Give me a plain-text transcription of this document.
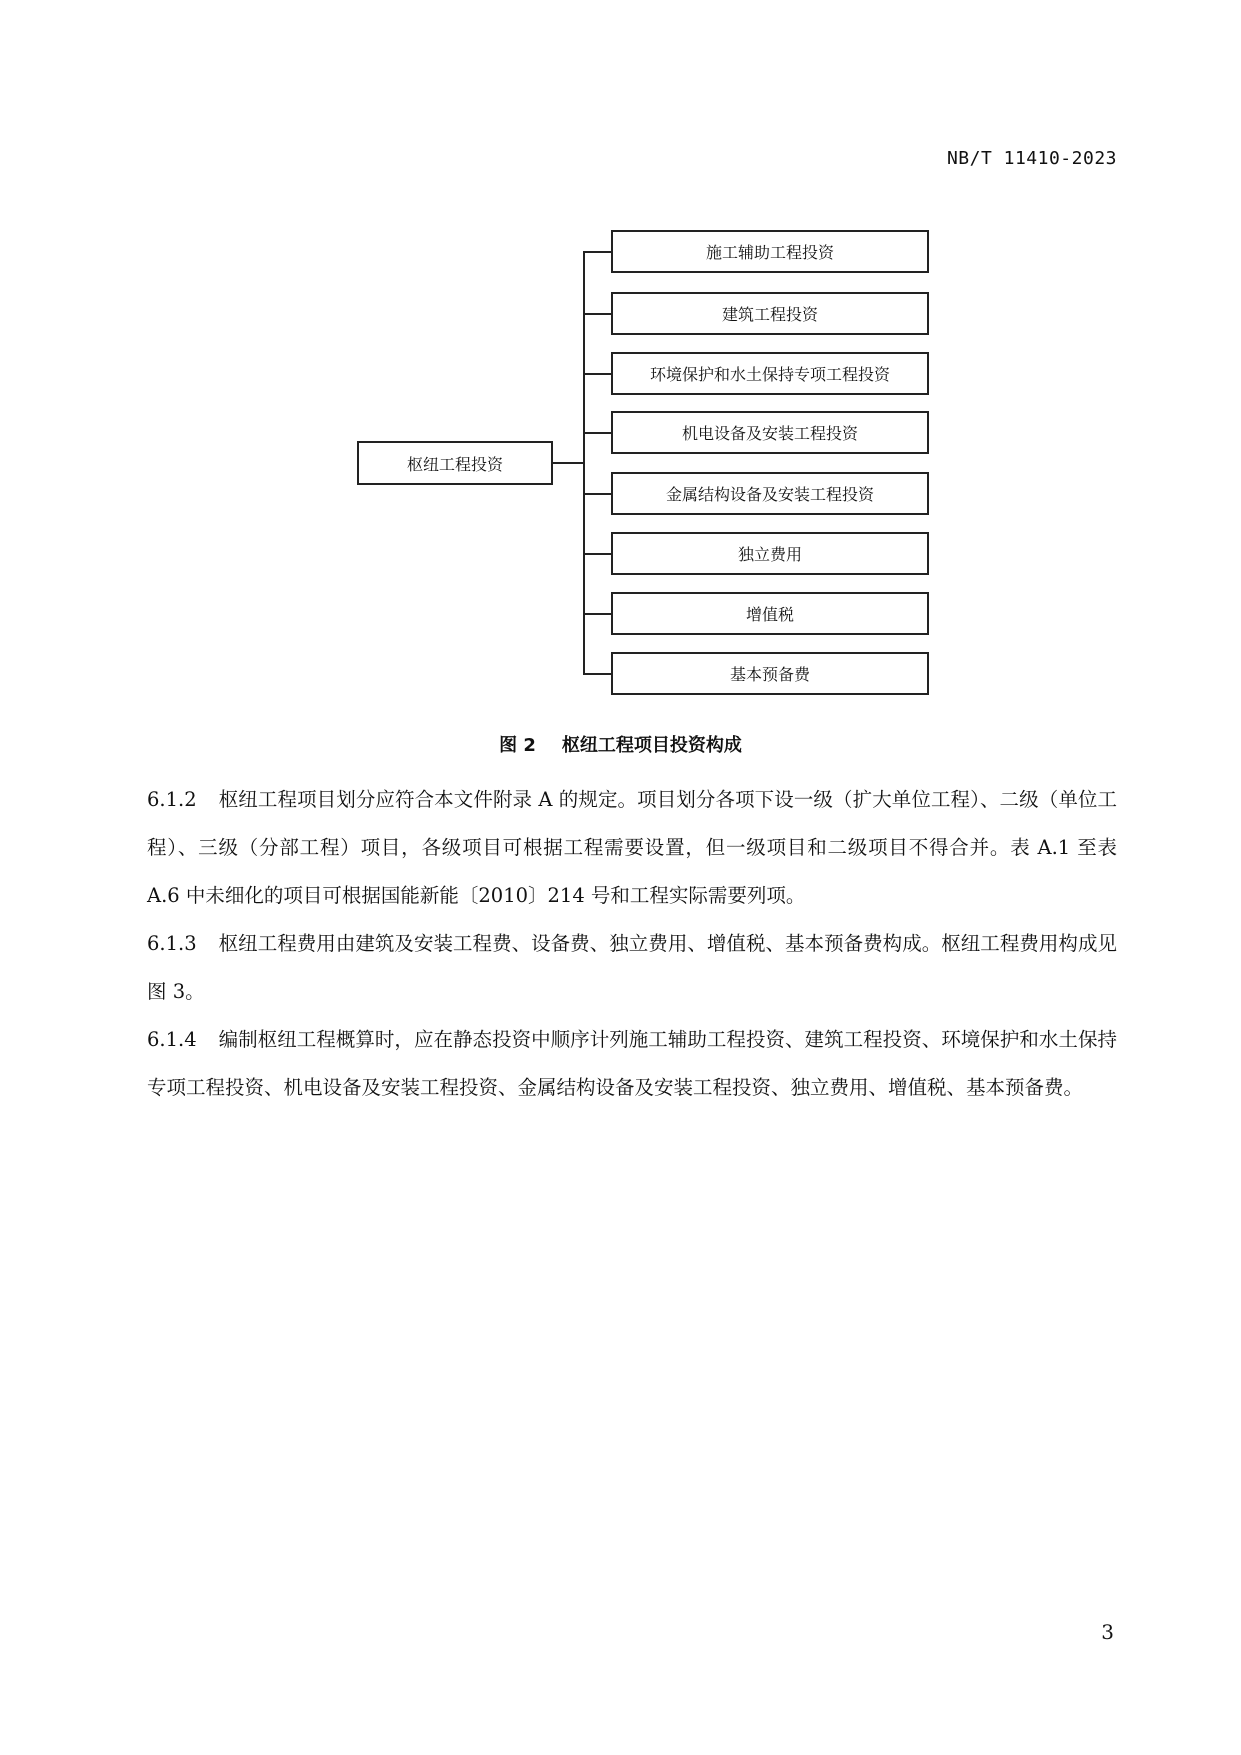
NB/T 11410-2023
枢纽工程投资
施工辅助工程投资
建筑工程投资
环境保护和水土保持专项工程投资
机电设备及安装工程投资
金属结构设备及安装工程投资
独立费用
增值税
基本预备费
图 2 枢纽工程项目投资构成

6.1.2 枢纽工程项目划分应符合本文件附录 A 的规定。项目划分各项下设一级（扩大单位工程）、二级（单位工程）、三级（分部工程）项目，各级项目可根据工程需要设置，但一级项目和二级项目不得合并。表 A.1 至表 A.6 中未细化的项目可根据国能新能〔2010〕214 号和工程实际需要列项。

6.1.3 枢纽工程费用由建筑及安装工程费、设备费、独立费用、增值税、基本预备费构成。枢纽工程费用构成见图 3。

6.1.4 编制枢纽工程概算时，应在静态投资中顺序计列施工辅助工程投资、建筑工程投资、环境保护和水土保持专项工程投资、机电设备及安装工程投资、金属结构设备及安装工程投资、独立费用、增值税、基本预备费。

3
